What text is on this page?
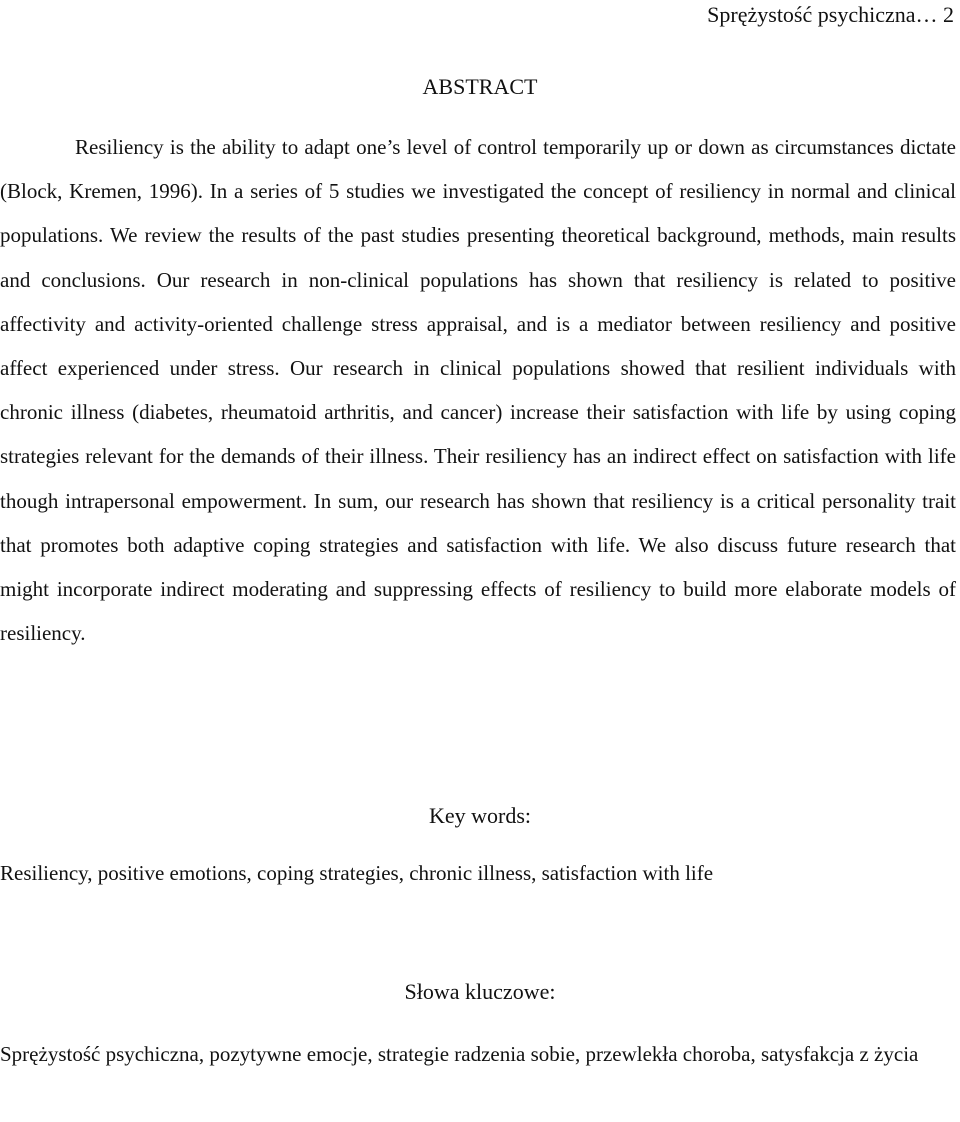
Sprężystość psychiczna… 2
ABSTRACT

Resiliency is the ability to adapt one’s level of control temporarily up or down as circumstances dictate (Block, Kremen, 1996). In a series of 5 studies we investigated the concept of resiliency in normal and clinical populations. We review the results of the past studies presenting theoretical background, methods, main results and conclusions. Our research in non-clinical populations has shown that resiliency is related to positive affectivity and activity-oriented challenge stress appraisal, and is a mediator between resiliency and positive affect experienced under stress. Our research in clinical populations showed that resilient individuals with chronic illness (diabetes, rheumatoid arthritis, and cancer) increase their satisfaction with life by using coping strategies relevant for the demands of their illness. Their resiliency has an indirect effect on satisfaction with life though intrapersonal empowerment. In sum, our research has shown that resiliency is a critical personality trait that promotes both adaptive coping strategies and satisfaction with life. We also discuss future research that might incorporate indirect moderating and suppressing effects of resiliency to build more elaborate models of resiliency.

Key words:

Resiliency, positive emotions, coping strategies, chronic illness, satisfaction with life

Słowa kluczowe:

Sprężystość psychiczna, pozytywne emocje, strategie radzenia sobie, przewlekła choroba, satysfakcja z życia
